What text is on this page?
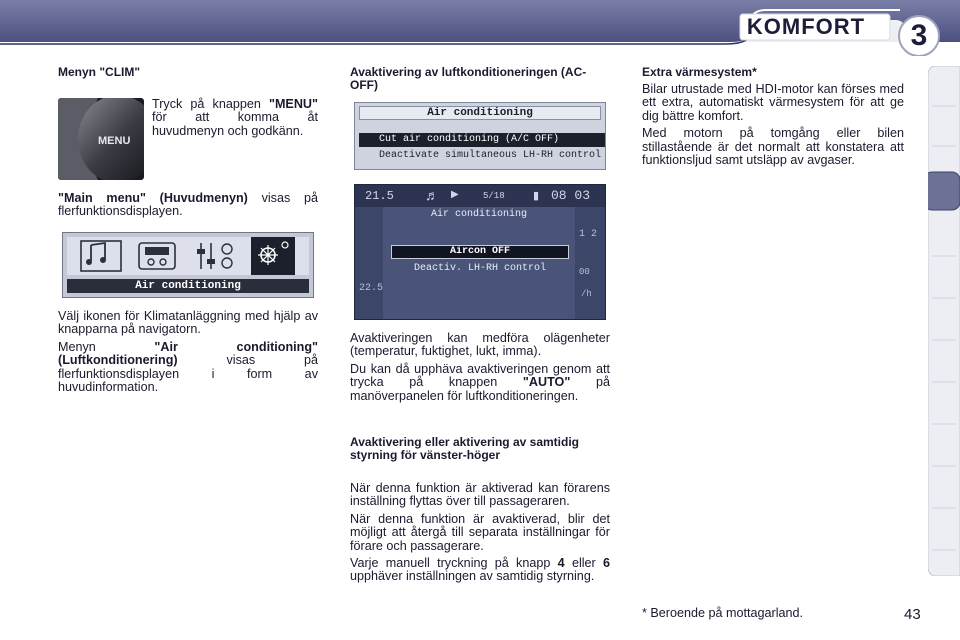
KOMFORT	3
Menyn "CLIM"
MENU

Tryck på knappen "MENU" för att komma åt huvudmenyn och godkänn.

"Main menu" (Huvudmenyn) visas på flerfunktionsdisplayen.

Air conditioning

Välj ikonen för Klimatanläggning med hjälp av knapparna på navigatorn.

Menyn	"Air conditioning" (Luftkonditionering)	visas på flerfunktionsdisplayen i form av huvudinformation.

Avaktivering av luftkonditioneringen (AC-OFF)
Air conditioning
Cut air conditioning (A/C OFF)
Deactivate simultaneous LH-RH control
21.5 ♬ ▶	5/18	▮ 08 03
Air conditioning
Aircon OFF
Deactiv. LH-RH control
1 2
00
/h
22.5

Avaktiveringen kan medföra olägenheter (temperatur, fuktighet, lukt, imma).

Du kan då upphäva avaktiveringen genom att trycka på knappen "AUTO" på manöverpanelen för luftkonditioneringen.

Avaktivering eller aktivering av samtidig styrning för vänster-höger

När denna funktion är aktiverad kan förarens inställning flyttas över till passageraren.

När denna funktion är avaktiverad, blir det möjligt att återgå till separata inställningar för förare och passagerare.

Varje manuell tryckning på knapp 4 eller 6 upphäver inställningen av samtidig styrning.

Extra värmesystem*

Bilar utrustade med HDI-motor kan förses med ett extra, automatiskt värmesystem för att ge dig bättre komfort.

Med motorn på tomgång eller bilen stillastående är det normalt att konstatera att funktionsljud samt utsläpp av avgaser.

* Beroende på mottagarland.	43
